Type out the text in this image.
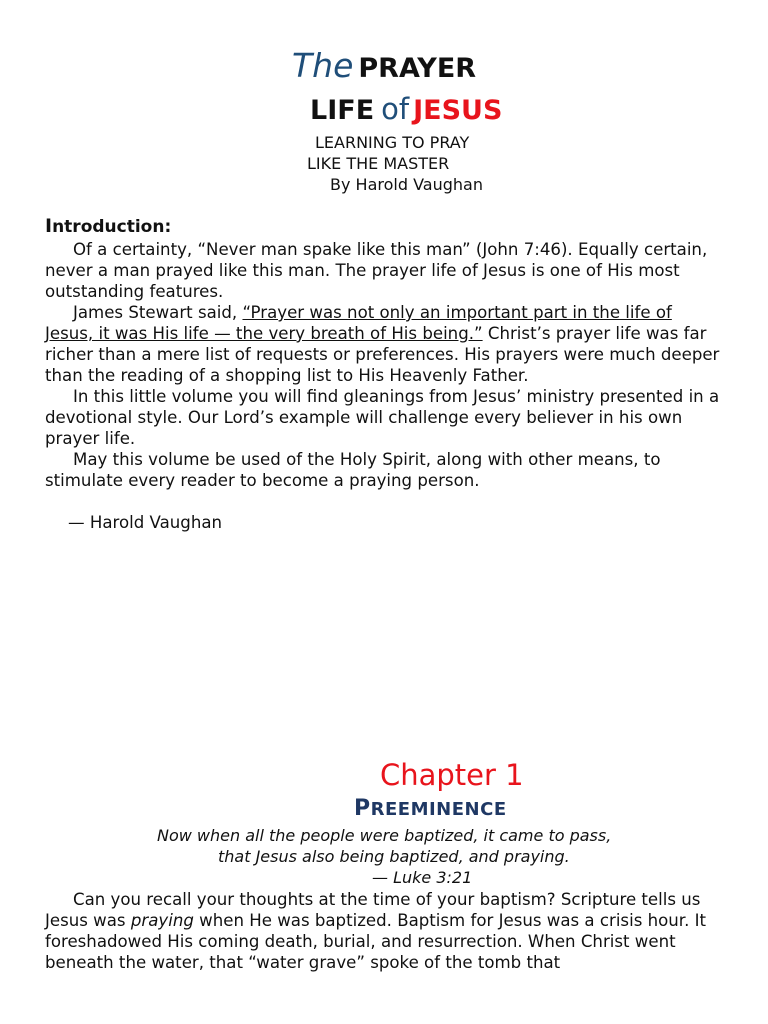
The PRAYER
LIFE of JESUS
LEARNING TO PRAY
LIKE THE MASTER
By Harold Vaughan
Introduction:

Of a certainty, “Never man spake like this man” (John 7:46). Equally certain, never a man prayed like this man. The prayer life of Jesus is one of His most outstanding features.

James Stewart said, “Prayer was not only an important part in the life of Jesus, it was His life — the very breath of His being.” Christ’s prayer life was far richer than a mere list of requests or preferences. His prayers were much deeper than the reading of a shopping list to His Heavenly Father.

In this little volume you will find gleanings from Jesus’ ministry presented in a devotional style. Our Lord’s example will challenge every believer in his own prayer life.

May this volume be used of the Holy Spirit, along with other means, to stimulate every reader to become a praying person.

— Harold Vaughan
Chapter 1
PREEMINENCE
Now when all the people were baptized, it came to pass,
that Jesus also being baptized, and praying.
— Luke 3:21

Can you recall your thoughts at the time of your baptism? Scripture tells us Jesus was praying when He was baptized. Baptism for Jesus was a crisis hour. It foreshadowed His coming death, burial, and resurrection. When Christ went beneath the water, that “water grave” spoke of the tomb that
